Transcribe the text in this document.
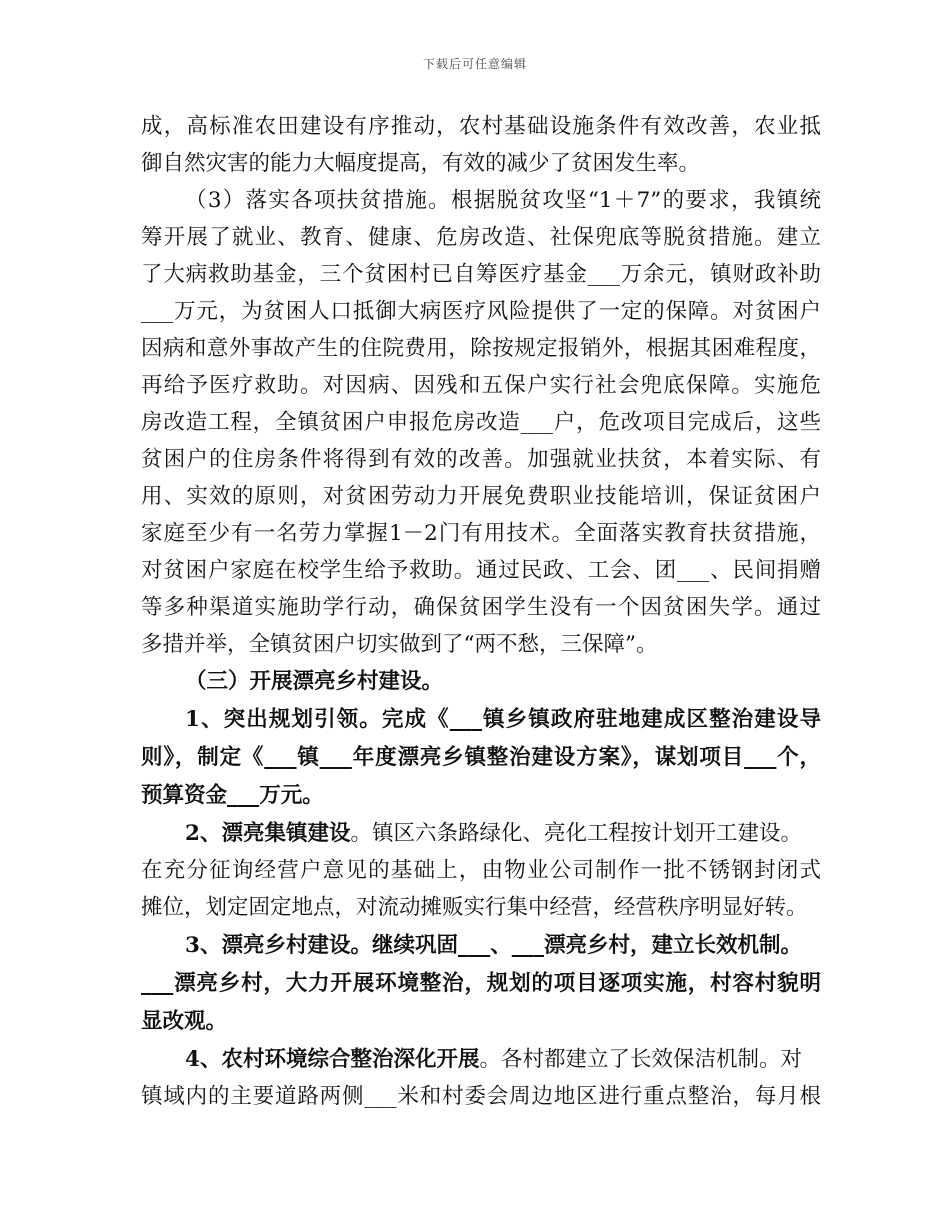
下载后可任意编辑
成，高标准农田建设有序推动，农村基础设施条件有效改善，农业抵
御自然灾害的能力大幅度提高，有效的减少了贫困发生率。
（3）落实各项扶贫措施。根据脱贫攻坚“1＋7”的要求，我镇统
筹开展了就业、教育、健康、危房改造、社保兜底等脱贫措施。建立
了大病救助基金，三个贫困村已自筹医疗基金___万余元，镇财政补助
___万元，为贫困人口抵御大病医疗风险提供了一定的保障。对贫困户
因病和意外事故产生的住院费用，除按规定报销外，根据其困难程度，
再给予医疗救助。对因病、因残和五保户实行社会兜底保障。实施危
房改造工程，全镇贫困户申报危房改造___户，危改项目完成后，这些
贫困户的住房条件将得到有效的改善。加强就业扶贫，本着实际、有
用、实效的原则，对贫困劳动力开展免费职业技能培训，保证贫困户
家庭至少有一名劳力掌握1－2门有用技术。全面落实教育扶贫措施，
对贫困户家庭在校学生给予救助。通过民政、工会、团___、民间捐赠
等多种渠道实施助学行动，确保贫困学生没有一个因贫困失学。通过
多措并举，全镇贫困户切实做到了“两不愁，三保障”。
（三）开展漂亮乡村建设。
1、突出规划引领。完成《___镇乡镇政府驻地建成区整治建设导
则》，制定《___镇___年度漂亮乡镇整治建设方案》，谋划项目___个，
预算资金___万元。
2、漂亮集镇建设。镇区六条路绿化、亮化工程按计划开工建设。
在充分征询经营户意见的基础上，由物业公司制作一批不锈钢封闭式
摊位，划定固定地点，对流动摊贩实行集中经营，经营秩序明显好转。
3、漂亮乡村建设。继续巩固___、___漂亮乡村，建立长效机制。
___漂亮乡村，大力开展环境整治，规划的项目逐项实施，村容村貌明
显改观。
4、农村环境综合整治深化开展。各村都建立了长效保洁机制。对
镇域内的主要道路两侧___米和村委会周边地区进行重点整治，每月根
